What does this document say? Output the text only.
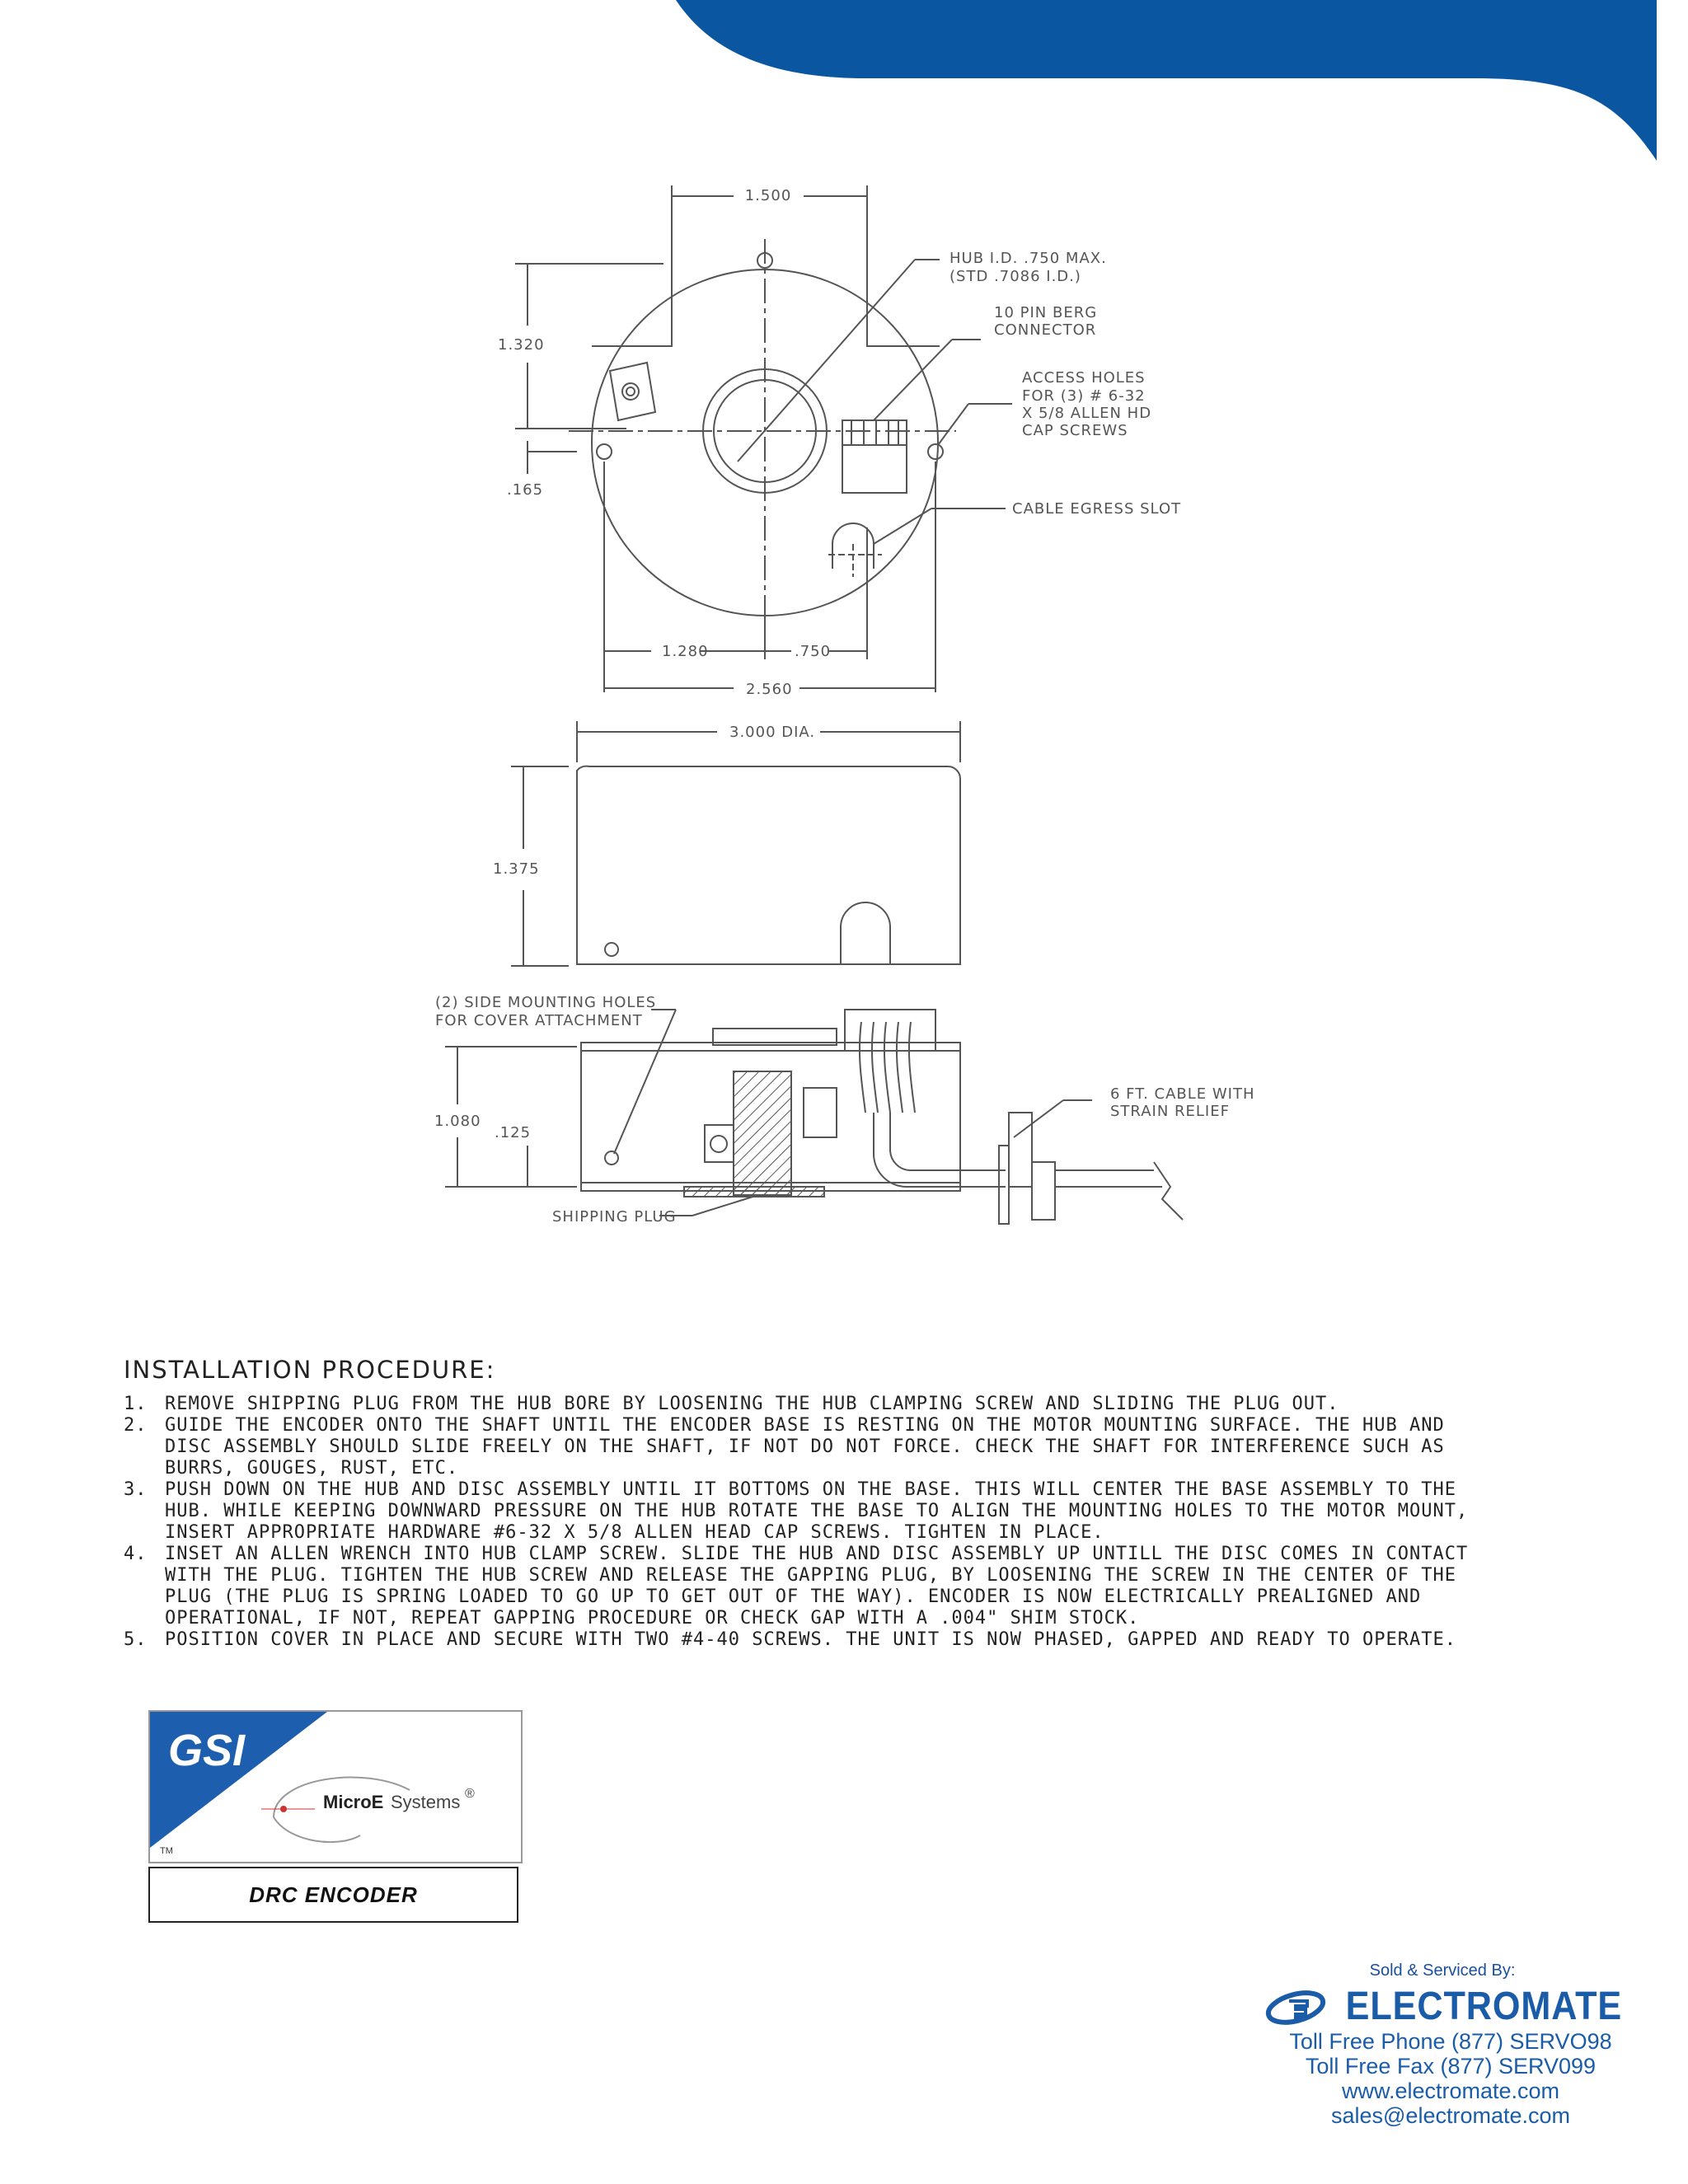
1.500
HUB I.D. .750 MAX.
(STD .7086 I.D.)
10 PIN BERG
CONNECTOR
ACCESS HOLES
FOR (3) # 6-32
X 5/8 ALLEN HD
CAP SCREWS
CABLE EGRESS SLOT
1.320
.165
1.280	.750
2.560
3.000 DIA.
1.375
(2) SIDE MOUNTING HOLES
FOR COVER ATTACHMENT
1.080
.125
6 FT. CABLE WITH
STRAIN RELIEF
SHIPPING PLUG
INSTALLATION PROCEDURE:
1. REMOVE SHIPPING PLUG FROM THE HUB BORE BY LOOSENING THE HUB CLAMPING SCREW AND SLIDING THE PLUG OUT.
2. GUIDE THE ENCODER ONTO THE SHAFT UNTIL THE ENCODER BASE IS RESTING ON THE MOTOR MOUNTING SURFACE. THE HUB AND
DISC ASSEMBLY SHOULD SLIDE FREELY ON THE SHAFT, IF NOT DO NOT FORCE. CHECK THE SHAFT FOR INTERFERENCE SUCH AS
BURRS, GOUGES, RUST, ETC.
3. PUSH DOWN ON THE HUB AND DISC ASSEMBLY UNTIL IT BOTTOMS ON THE BASE. THIS WILL CENTER THE BASE ASSEMBLY TO THE
HUB. WHILE KEEPING DOWNWARD PRESSURE ON THE HUB ROTATE THE BASE TO ALIGN THE MOUNTING HOLES TO THE MOTOR MOUNT,
INSERT APPROPRIATE HARDWARE #6-32 X 5/8 ALLEN HEAD CAP SCREWS. TIGHTEN IN PLACE.
4. INSET AN ALLEN WRENCH INTO HUB CLAMP SCREW. SLIDE THE HUB AND DISC ASSEMBLY UP UNTILL THE DISC COMES IN CONTACT
WITH THE PLUG. TIGHTEN THE HUB SCREW AND RELEASE THE GAPPING PLUG, BY LOOSENING THE SCREW IN THE CENTER OF THE
PLUG (THE PLUG IS SPRING LOADED TO GO UP TO GET OUT OF THE WAY). ENCODER IS NOW ELECTRICALLY PREALIGNED AND
OPERATIONAL, IF NOT, REPEAT GAPPING PROCEDURE OR CHECK GAP WITH A .004" SHIM STOCK.
5. POSITION COVER IN PLACE AND SECURE WITH TWO #4-40 SCREWS. THE UNIT IS NOW PHASED, GAPPED AND READY TO OPERATE.
GSI
TM
MicroE Systems ®
DRC ENCODER
Sold & Serviced By:
ELECTROMATE
Toll Free Phone (877) SERVO98
Toll Free Fax (877) SERV099
www.electromate.com
sales@electromate.com
